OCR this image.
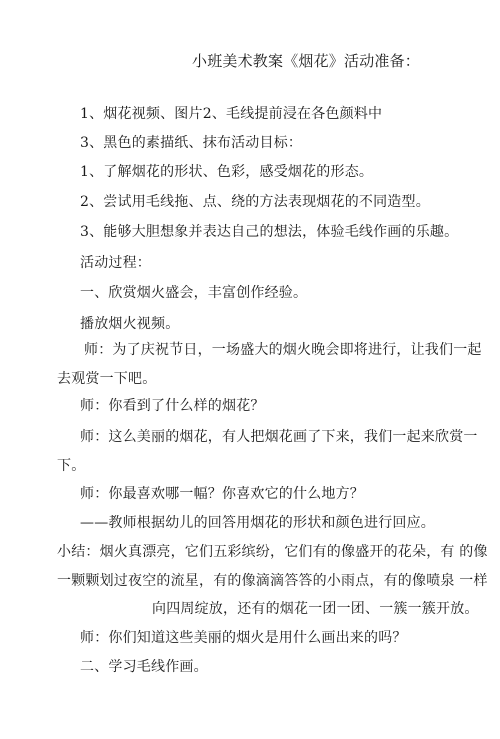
小班美术教案《烟花》活动准备：
1、烟花视频、图片2、毛线提前浸在各色颜料中
3、黑色的素描纸、抹布活动目标：
1、了解烟花的形状、色彩，感受烟花的形态。
2、尝试用毛线拖、点、绕的方法表现烟花的不同造型。
3、能够大胆想象并表达自己的想法，体验毛线作画的乐趣。
活动过程：
一、欣赏烟火盛会，丰富创作经验。
播放烟火视频。
师：为了庆祝节日，一场盛大的烟火晚会即将进行，让我们一起
去观赏一下吧。
师：你看到了什么样的烟花？
师：这么美丽的烟花，有人把烟花画了下来，我们一起来欣赏一
下。
师：你最喜欢哪一幅？你喜欢它的什么地方？
——教师根据幼儿的回答用烟花的形状和颜色进行回应。
小结：烟火真漂亮，它们五彩缤纷，它们有的像盛开的花朵，有 的像
一颗颗划过夜空的流星，有的像滴滴答答的小雨点，有的像喷泉 一样
向四周绽放，还有的烟花一团一团、一簇一簇开放。
师：你们知道这些美丽的烟火是用什么画出来的吗？
二、学习毛线作画。
